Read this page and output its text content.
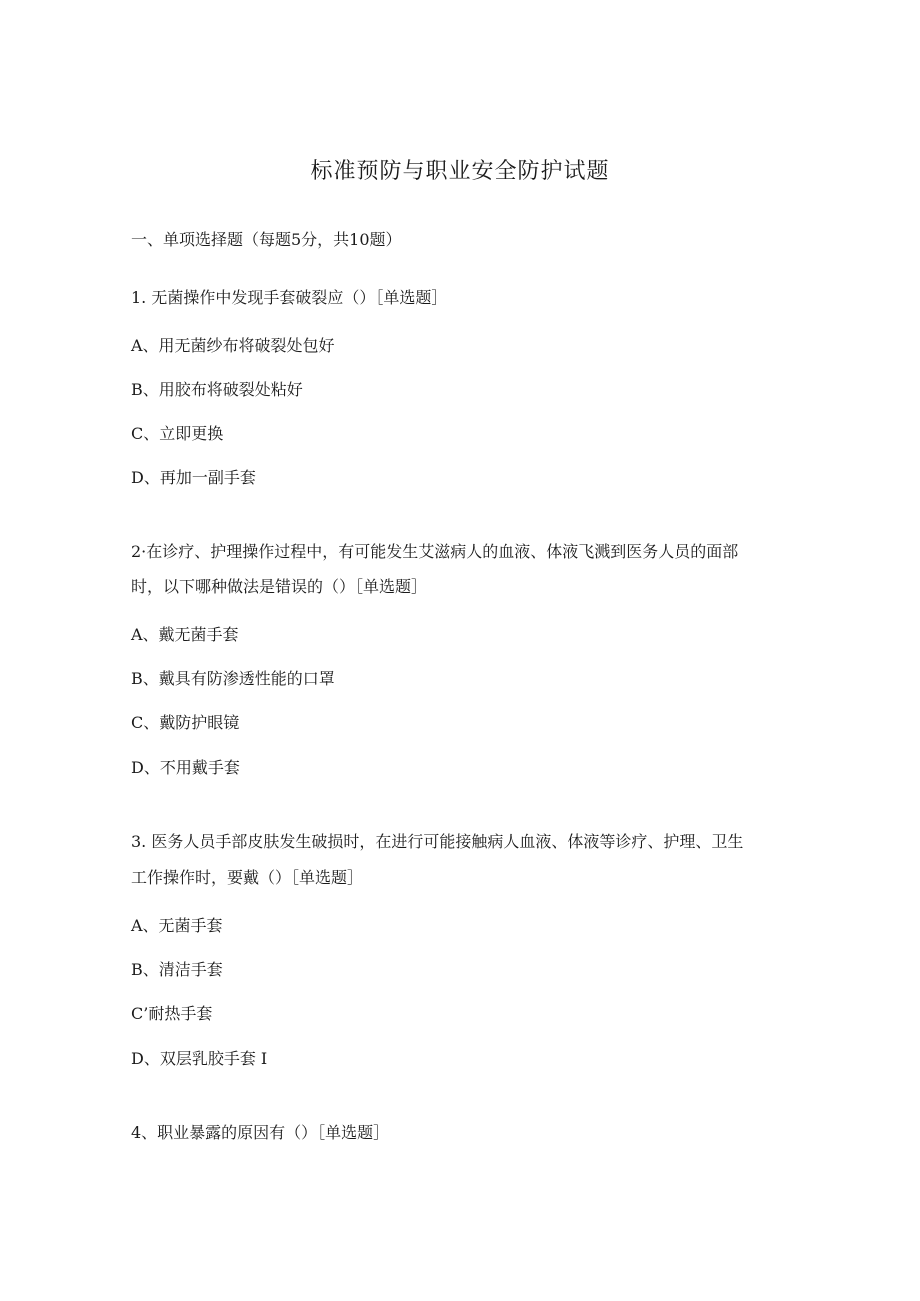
标准预防与职业安全防护试题
一、单项选择题（每题5分，共10题）
1. 无菌操作中发现手套破裂应（）［单选题］
A、用无菌纱布将破裂处包好
B、用胶布将破裂处粘好
C、立即更换
D、再加一副手套
2·在诊疗、护理操作过程中，有可能发生艾滋病人的血液、体液飞溅到医务人员的面部
时，以下哪种做法是错误的（）［单选题］
A、戴无菌手套
B、戴具有防渗透性能的口罩
C、戴防护眼镜
D、不用戴手套
3. 医务人员手部皮肤发生破损时，在进行可能接触病人血液、体液等诊疗、护理、卫生
工作操作时，要戴（）［单选题］
A、无菌手套
B、清洁手套
C’耐热手套
D、双层乳胶手套 I
4、职业暴露的原因有（）［单选题］
